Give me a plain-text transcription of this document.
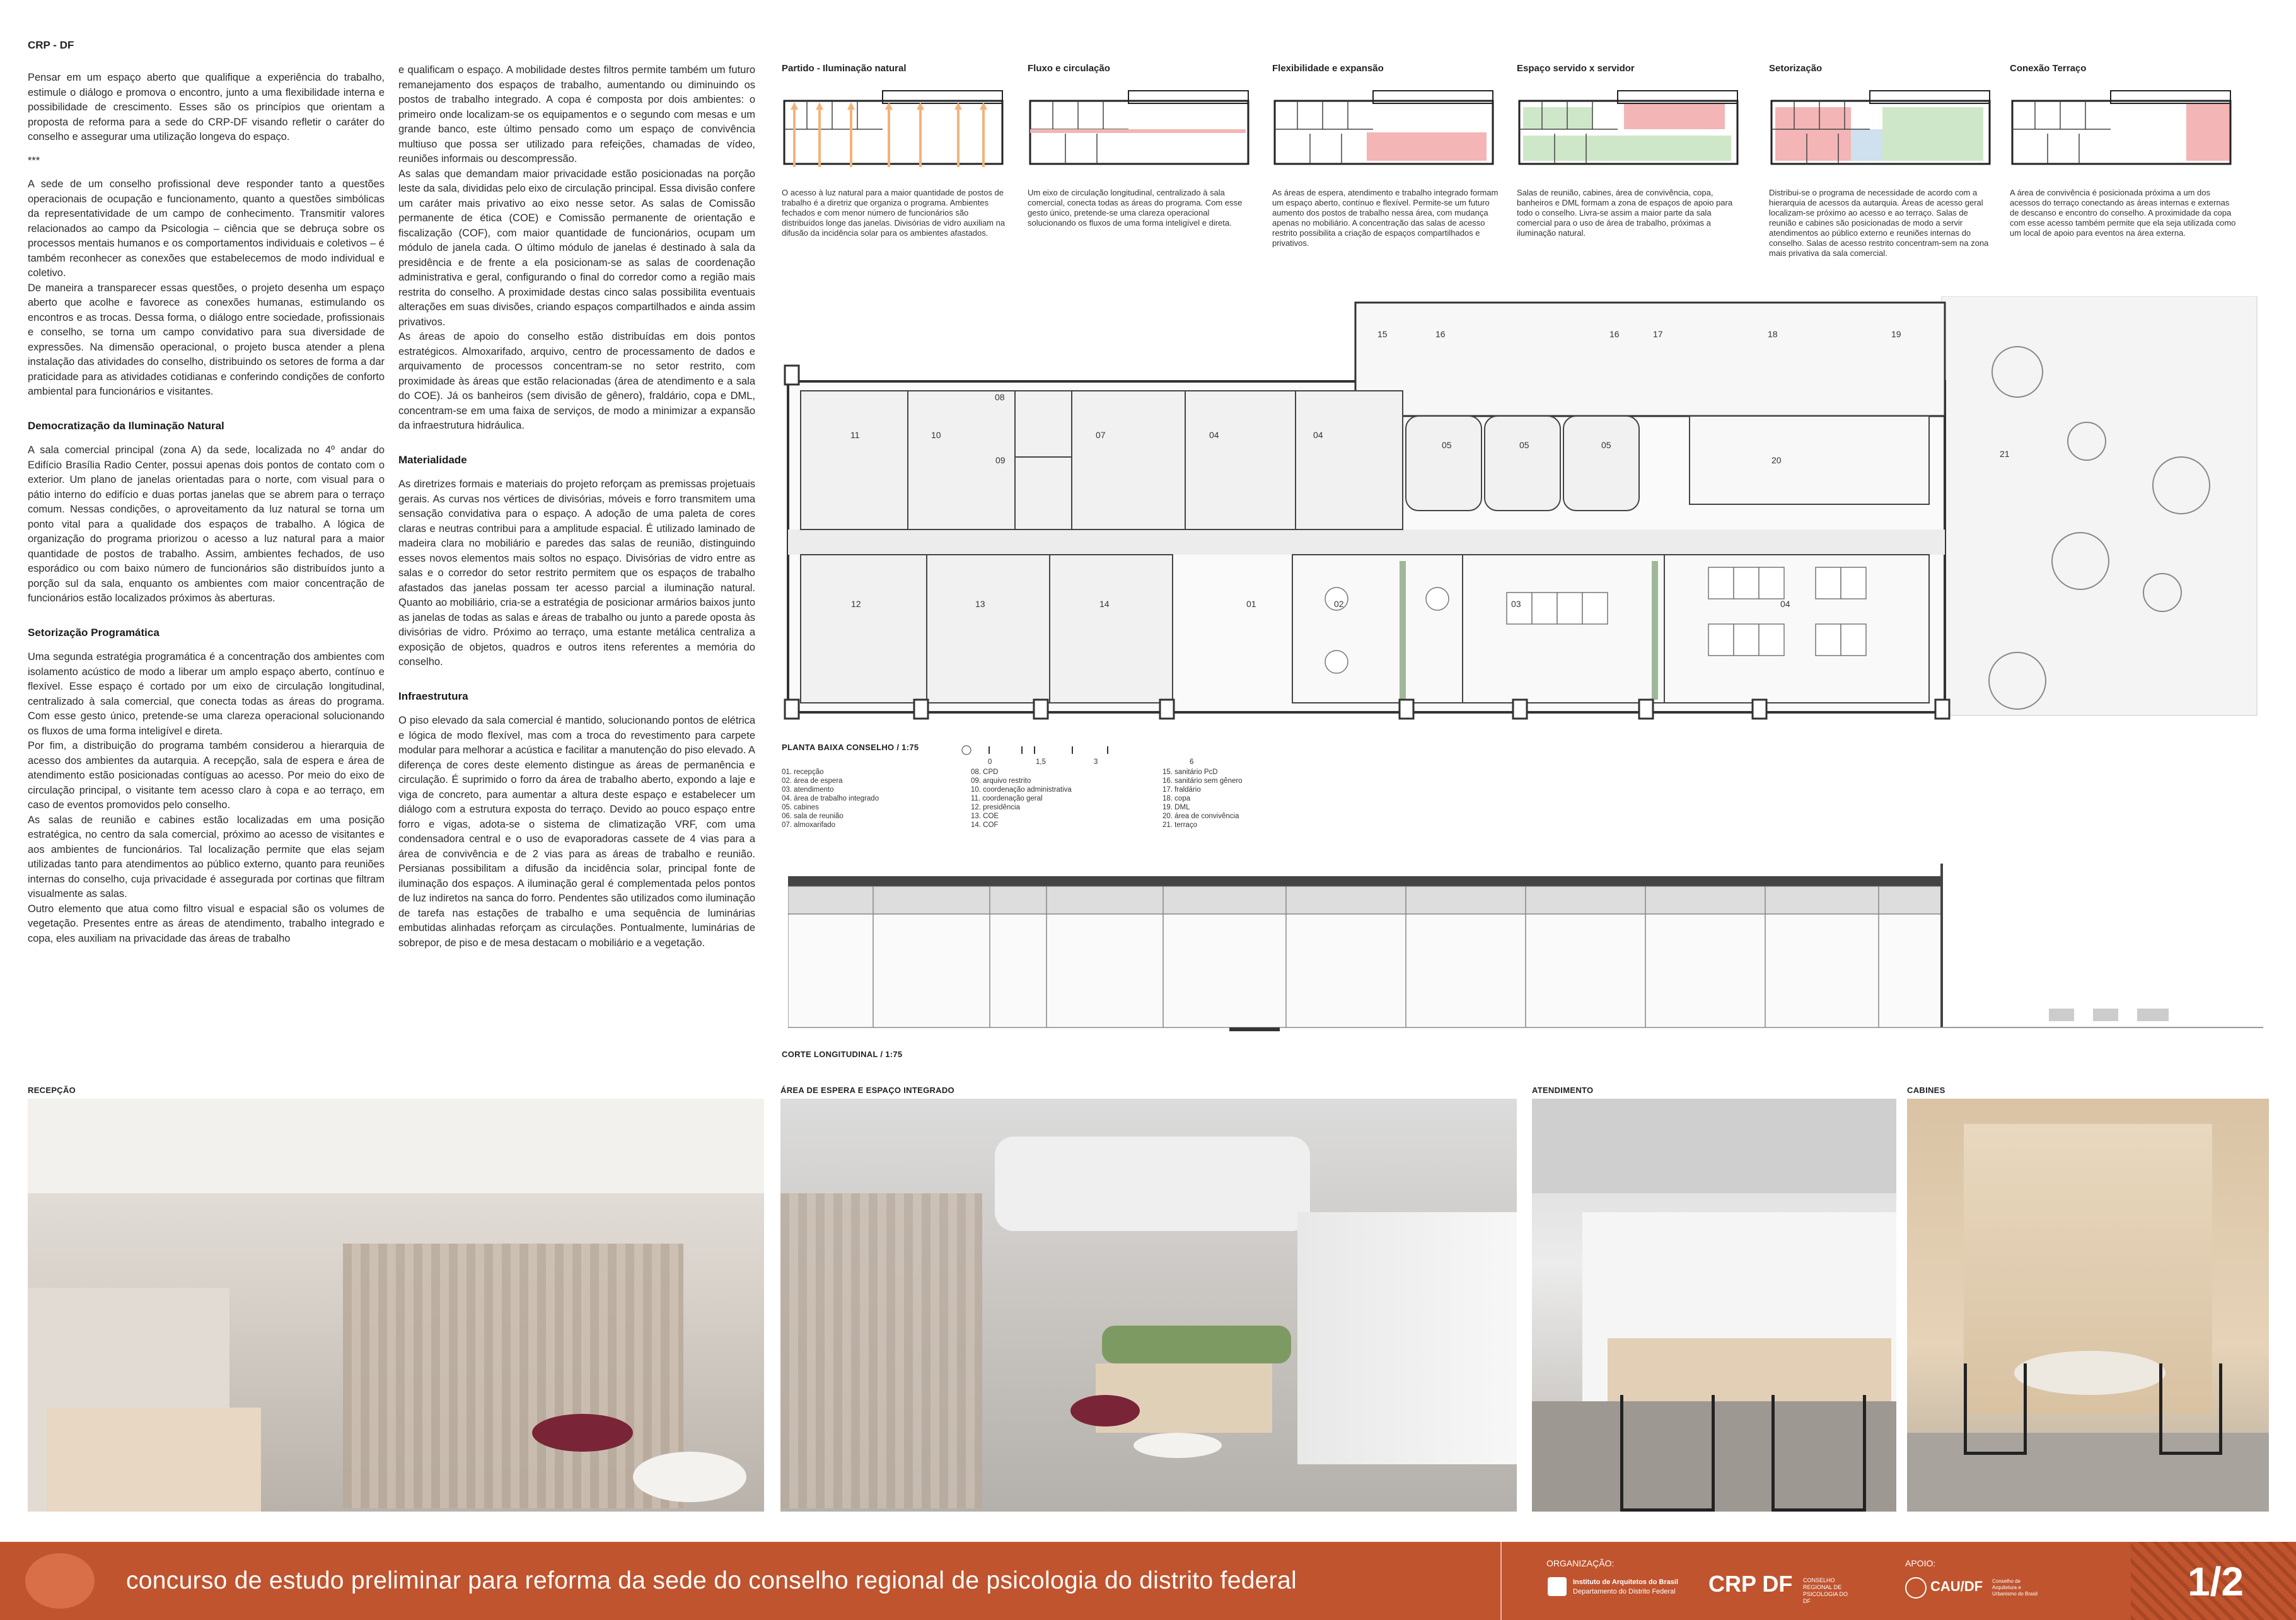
CRP - DF

Pensar em um espaço aberto que qualifique a experiência do trabalho, estimule o diálogo e promova o encontro, junto a uma flexibilidade interna e possibilidade de crescimento. Esses são os princípios que orientam a proposta de reforma para a sede do CRP-DF visando refletir o caráter do conselho e assegurar uma utilização longeva do espaço.

***

A sede de um conselho profissional deve responder tanto a questões operacionais de ocupação e funcionamento, quanto a questões simbólicas da representatividade de um campo de conhecimento. Transmitir valores relacionados ao campo da Psicologia – ciência que se debruça sobre os processos mentais humanos e os comportamentos individuais e coletivos – é também reconhecer as conexões que estabelecemos de modo individual e coletivo.

De maneira a transparecer essas questões, o projeto desenha um espaço aberto que acolhe e favorece as conexões humanas, estimulando os encontros e as trocas. Dessa forma, o diálogo entre sociedade, profissionais e conselho, se torna um campo convidativo para sua diversidade de expressões. Na dimensão operacional, o projeto busca atender a plena instalação das atividades do conselho, distribuindo os setores de forma a dar praticidade para as atividades cotidianas e conferindo condições de conforto ambiental para funcionários e visitantes.

Democratização da Iluminação Natural

A sala comercial principal (zona A) da sede, localizada no 4º andar do Edifício Brasília Radio Center, possui apenas dois pontos de contato com o exterior. Um plano de janelas orientadas para o norte, com visual para o pátio interno do edifício e duas portas janelas que se abrem para o terraço comum. Nessas condições, o aproveitamento da luz natural se torna um ponto vital para a qualidade dos espaços de trabalho. A lógica de organização do programa priorizou o acesso a luz natural para a maior quantidade de postos de trabalho. Assim, ambientes fechados, de uso esporádico ou com baixo número de funcionários são distribuídos junto a porção sul da sala, enquanto os ambientes com maior concentração de funcionários estão localizados próximos às aberturas.

Setorização Programática

Uma segunda estratégia programática é a concentração dos ambientes com isolamento acústico de modo a liberar um amplo espaço aberto, contínuo e flexível. Esse espaço é cortado por um eixo de circulação longitudinal, centralizado à sala comercial, que conecta todas as áreas do programa. Com esse gesto único, pretende-se uma clareza operacional solucionando os fluxos de uma forma inteligível e direta.

Por fim, a distribuição do programa também considerou a hierarquia de acesso dos ambientes da autarquia. A recepção, sala de espera e área de atendimento estão posicionadas contíguas ao acesso. Por meio do eixo de circulação principal, o visitante tem acesso claro à copa e ao terraço, em caso de eventos promovidos pelo conselho.

As salas de reunião e cabines estão localizadas em uma posição estratégica, no centro da sala comercial, próximo ao acesso de visitantes e aos ambientes de funcionários. Tal localização permite que elas sejam utilizadas tanto para atendimentos ao público externo, quanto para reuniões internas do conselho, cuja privacidade é assegurada por cortinas que filtram visualmente as salas.

Outro elemento que atua como filtro visual e espacial são os volumes de vegetação. Presentes entre as áreas de atendimento, trabalho integrado e copa, eles auxiliam na privacidade das áreas de trabalho

e qualificam o espaço. A mobilidade destes filtros permite também um futuro remanejamento dos espaços de trabalho, aumentando ou diminuindo os postos de trabalho integrado. A copa é composta por dois ambientes: o primeiro onde localizam-se os equipamentos e o segundo com mesas e um grande banco, este último pensado como um espaço de convivência multiuso que possa ser utilizado para refeições, chamadas de vídeo, reuniões informais ou descompressão.

As salas que demandam maior privacidade estão posicionadas na porção leste da sala, divididas pelo eixo de circulação principal. Essa divisão confere um caráter mais privativo ao eixo nesse setor. As salas de Comissão permanente de ética (COE) e Comissão permanente de orientação e fiscalização (COF), com maior quantidade de funcionários, ocupam um módulo de janela cada. O último módulo de janelas é destinado à sala da presidência e de frente a ela posicionam-se as salas de coordenação administrativa e geral, configurando o final do corredor como a região mais restrita do conselho. A proximidade destas cinco salas possibilita eventuais alterações em suas divisões, criando espaços compartilhados e ainda assim privativos.

As áreas de apoio do conselho estão distribuídas em dois pontos estratégicos. Almoxarifado, arquivo, centro de processamento de dados e arquivamento de processos concentram-se no setor restrito, com proximidade às áreas que estão relacionadas (área de atendimento e a sala do COE). Já os banheiros (sem divisão de gênero), fraldário, copa e DML, concentram-se em uma faixa de serviços, de modo a minimizar a expansão da infraestrutura hidráulica.

Materialidade

As diretrizes formais e materiais do projeto reforçam as premissas projetuais gerais. As curvas nos vértices de divisórias, móveis e forro transmitem uma sensação convidativa para o espaço. A adoção de uma paleta de cores claras e neutras contribui para a amplitude espacial. É utilizado laminado de madeira clara no mobiliário e paredes das salas de reunião, distinguindo esses novos elementos mais soltos no espaço. Divisórias de vidro entre as salas e o corredor do setor restrito permitem que os espaços de trabalho afastados das janelas possam ter acesso parcial a iluminação natural. Quanto ao mobiliário, cria-se a estratégia de posicionar armários baixos junto as janelas de todas as salas e áreas de trabalho ou junto a parede oposta às divisórias de vidro. Próximo ao terraço, uma estante metálica centraliza a exposição de objetos, quadros e outros itens referentes a memória do conselho.

Infraestrutura

O piso elevado da sala comercial é mantido, solucionando pontos de elétrica e lógica de modo flexível, mas com a troca do revestimento para carpete modular para melhorar a acústica e facilitar a manutenção do piso elevado. A diferença de cores deste elemento distingue as áreas de permanência e circulação. É suprimido o forro da área de trabalho aberto, expondo a laje e viga de concreto, para aumentar a altura deste espaço e estabelecer um diálogo com a estrutura exposta do terraço. Devido ao pouco espaço entre forro e vigas, adota-se o sistema de climatização VRF, com uma condensadora central e o uso de evaporadoras cassete de 4 vias para a área de convivência e de 2 vias para as áreas de trabalho e reunião. Persianas possibilitam a difusão da incidência solar, principal fonte de iluminação dos espaços. A iluminação geral é complementada pelos pontos de luz indiretos na sanca do forro. Pendentes são utilizados como iluminação de tarefa nas estações de trabalho e uma sequência de luminárias embutidas alinhadas reforçam as circulações. Pontualmente, luminárias de sobrepor, de piso e de mesa destacam o mobiliário e a vegetação.

Partido - Iluminação natural
O acesso à luz natural para a maior quantidade de postos de trabalho é a diretriz que organiza o programa. Ambientes fechados e com menor número de funcionários são distribuídos longe das janelas. Divisórias de vidro auxiliam na difusão da incidência solar para os ambientes afastados.
Fluxo e circulação
Um eixo de circulação longitudinal, centralizado à sala comercial, conecta todas as áreas do programa. Com esse gesto único, pretende-se uma clareza operacional solucionando os fluxos de uma forma inteligível e direta.
Flexibilidade e expansão
As áreas de espera, atendimento e trabalho integrado formam um espaço aberto, contínuo e flexível. Permite-se um futuro aumento dos postos de trabalho nessa área, com mudança apenas no mobiliário. A concentração das salas de acesso restrito possibilita a criação de espaços compartilhados e privativos.
Espaço servido x servidor
Salas de reunião, cabines, área de convivência, copa, banheiros e DML formam a zona de espaços de apoio para todo o conselho. Livra-se assim a maior parte da sala comercial para o uso de área de trabalho, próximas a iluminação natural.
Setorização
Distribui-se o programa de necessidade de acordo com a hierarquia de acessos da autarquia. Áreas de acesso geral localizam-se próximo ao acesso e ao terraço. Salas de reunião e cabines são posicionadas de modo a servir atendimentos ao público externo e reuniões internas do conselho. Salas de acesso restrito concentram-sem na zona mais privativa da sala comercial.
Conexão Terraço
A área de convivência é posicionada próxima a um dos acessos do terraço conectando as áreas internas e externas de descanso e encontro do conselho. A proximidade da copa com esse acesso também permite que ela seja utilizada como um local de apoio para eventos na área externa.
15	16	16	17	18	19
08
11	10	07	04	04
05	05	05
20
21
09
12	13	14	01	02	03	04
PLANTA BAIXA CONSELHO / 1:75
0	1,5	3	6
01. recepção
02. área de espera
03. atendimento
04. área de trabalho integrado
05. cabines
06. sala de reunião
07. almoxarifado
08. CPD
09. arquivo restrito
10. coordenação administrativa
11. coordenação geral
12. presidência
13. COE
14. COF
15. sanitário PcD
16. sanitário sem gênero
17. fraldário
18. copa
19. DML
20. área de convivência
21. terraço
CORTE LONGITUDINAL / 1:75
RECEPÇÃO	ÁREA DE ESPERA E ESPAÇO INTEGRADO	ATENDIMENTO	CABINES
concurso de estudo preliminar para reforma da sede do conselho regional de psicologia do distrito federal
ORGANIZAÇÃO:
Instituto de Arquitetos do Brasil
Departamento do Distrito Federal CRP DF CONSELHO REGIONAL DE PSICOLOGIA DO DF
APOIO:
CAU/DF Conselho de Arquitetura e Urbanismo do Brasil	1/2
